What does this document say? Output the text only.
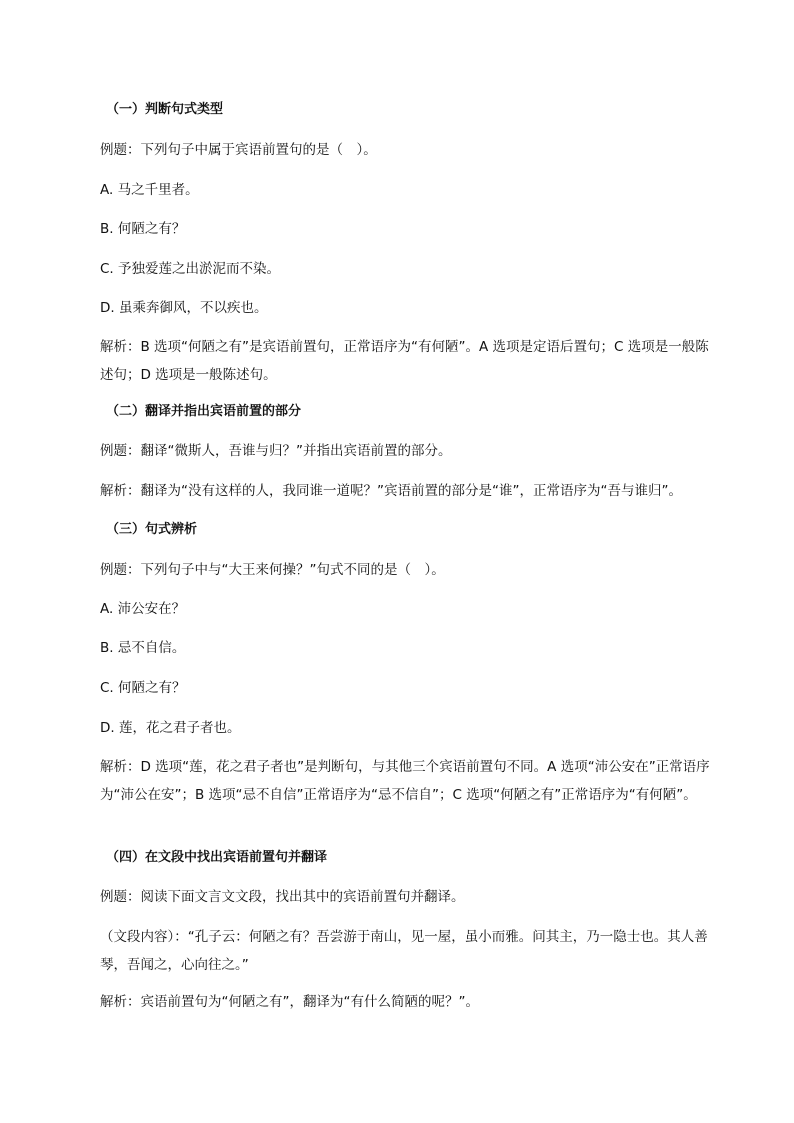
（一）判断句式类型

例题：下列句子中属于宾语前置句的是（　）。

A. 马之千里者。

B. 何陋之有？

C. 予独爱莲之出淤泥而不染。

D. 虽乘奔御风，不以疾也。

解析：B 选项“何陋之有”是宾语前置句，正常语序为“有何陋”。A 选项是定语后置句；C 选项是一般陈述句；D 选项是一般陈述句。

（二）翻译并指出宾语前置的部分

例题：翻译“微斯人，吾谁与归？”并指出宾语前置的部分。

解析：翻译为“没有这样的人，我同谁一道呢？”宾语前置的部分是“谁”，正常语序为“吾与谁归”。

（三）句式辨析

例题：下列句子中与“大王来何操？”句式不同的是（　）。

A. 沛公安在？

B. 忌不自信。

C. 何陋之有？

D. 莲，花之君子者也。

解析：D 选项“莲，花之君子者也”是判断句，与其他三个宾语前置句不同。A 选项“沛公安在”正常语序为“沛公在安”；B 选项“忌不自信”正常语序为“忌不信自”；C 选项“何陋之有”正常语序为“有何陋”。

（四）在文段中找出宾语前置句并翻译

例题：阅读下面文言文文段，找出其中的宾语前置句并翻译。

（文段内容）：“孔子云：何陋之有？吾尝游于南山，见一屋，虽小而雅。问其主，乃一隐士也。其人善琴，吾闻之，心向往之。”

解析：宾语前置句为“何陋之有”，翻译为“有什么简陋的呢？”。
